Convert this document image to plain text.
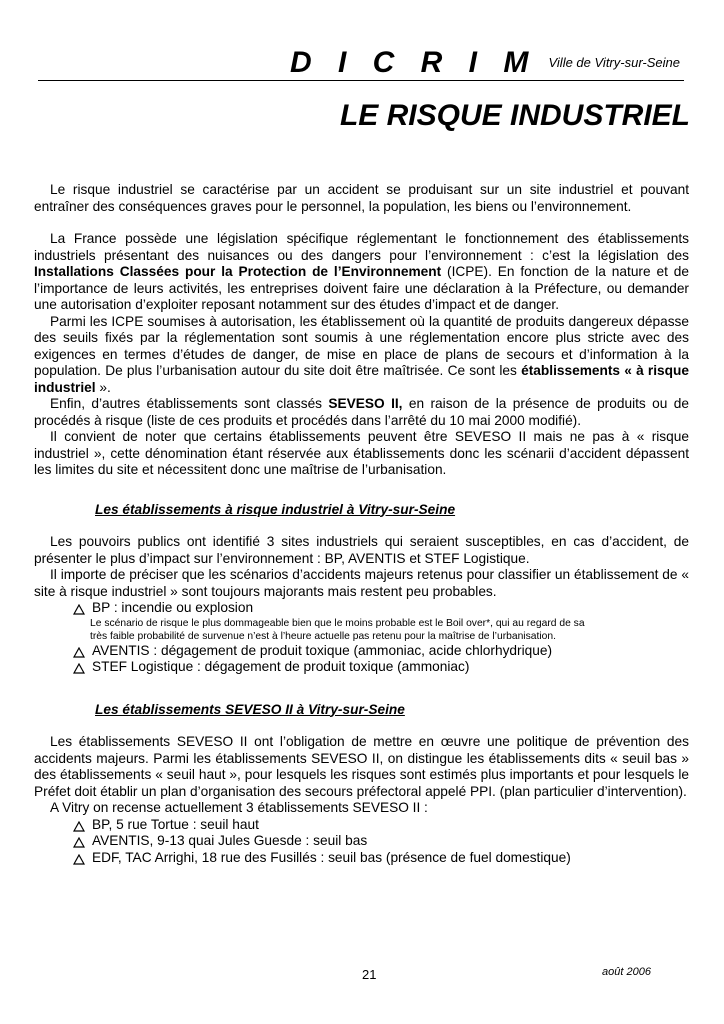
D I C R I M Ville de Vitry-sur-Seine
LE RISQUE INDUSTRIEL

Le risque industriel se caractérise par un accident se produisant sur un site industriel et pouvant entraîner des conséquences graves pour le personnel, la population, les biens ou l’environnement.

La France possède une législation spécifique réglementant le fonctionnement des établissements industriels présentant des nuisances ou des dangers pour l’environnement : c’est la législation des Installations Classées pour la Protection de l’Environnement (ICPE). En fonction de la nature et de l’importance de leurs activités, les entreprises doivent faire une déclaration à la Préfecture, ou demander une autorisation d’exploiter reposant notamment sur des études d’impact et de danger.

Parmi les ICPE soumises à autorisation, les établissement où la quantité de produits dangereux dépasse des seuils fixés par la réglementation sont soumis à une réglementation encore plus stricte avec des exigences en termes d’études de danger, de mise en place de plans de secours et d’information à la population. De plus l’urbanisation autour du site doit être maîtrisée. Ce sont les établissements « à risque industriel ».

Enfin, d’autres établissements sont classés SEVESO II, en raison de la présence de produits ou de procédés à risque (liste de ces produits et procédés dans l’arrêté du 10 mai 2000 modifié).

Il convient de noter que certains établissements peuvent être SEVESO II mais ne pas à « risque industriel », cette dénomination étant réservée aux établissements donc les scénarii d’accident dépassent les limites du site et nécessitent donc une maîtrise de l’urbanisation.

Les établissements à risque industriel à Vitry-sur-Seine

Les pouvoirs publics ont identifié 3 sites industriels qui seraient susceptibles, en cas d’accident, de présenter le plus d’impact sur l’environnement : BP, AVENTIS et STEF Logistique.

Il importe de préciser que les scénarios d’accidents majeurs retenus pour classifier un établissement de « site à risque industriel » sont toujours majorants mais restent peu probables.

BP : incendie ou explosion
Le scénario de risque le plus dommageable bien que le moins probable est le Boil over*, qui au regard de sa
très faible probabilité de survenue n’est à l’heure actuelle pas retenu pour la maîtrise de l’urbanisation.
AVENTIS : dégagement de produit toxique (ammoniac, acide chlorhydrique)
STEF Logistique : dégagement de produit toxique (ammoniac)
Les établissements SEVESO II à Vitry-sur-Seine

Les établissements SEVESO II ont l’obligation de mettre en œuvre une politique de prévention des accidents majeurs. Parmi les établissements SEVESO II, on distingue les établissements dits « seuil bas » des établissements « seuil haut », pour lesquels les risques sont estimés plus importants et pour lesquels le Préfet doit établir un plan d’organisation des secours préfectoral appelé PPI. (plan particulier d’intervention).

A Vitry on recense actuellement 3 établissements SEVESO II :

BP, 5 rue Tortue : seuil haut
AVENTIS, 9-13 quai Jules Guesde : seuil bas
EDF, TAC Arrighi, 18 rue des Fusillés : seuil bas (présence de fuel domestique)
21	août 2006
